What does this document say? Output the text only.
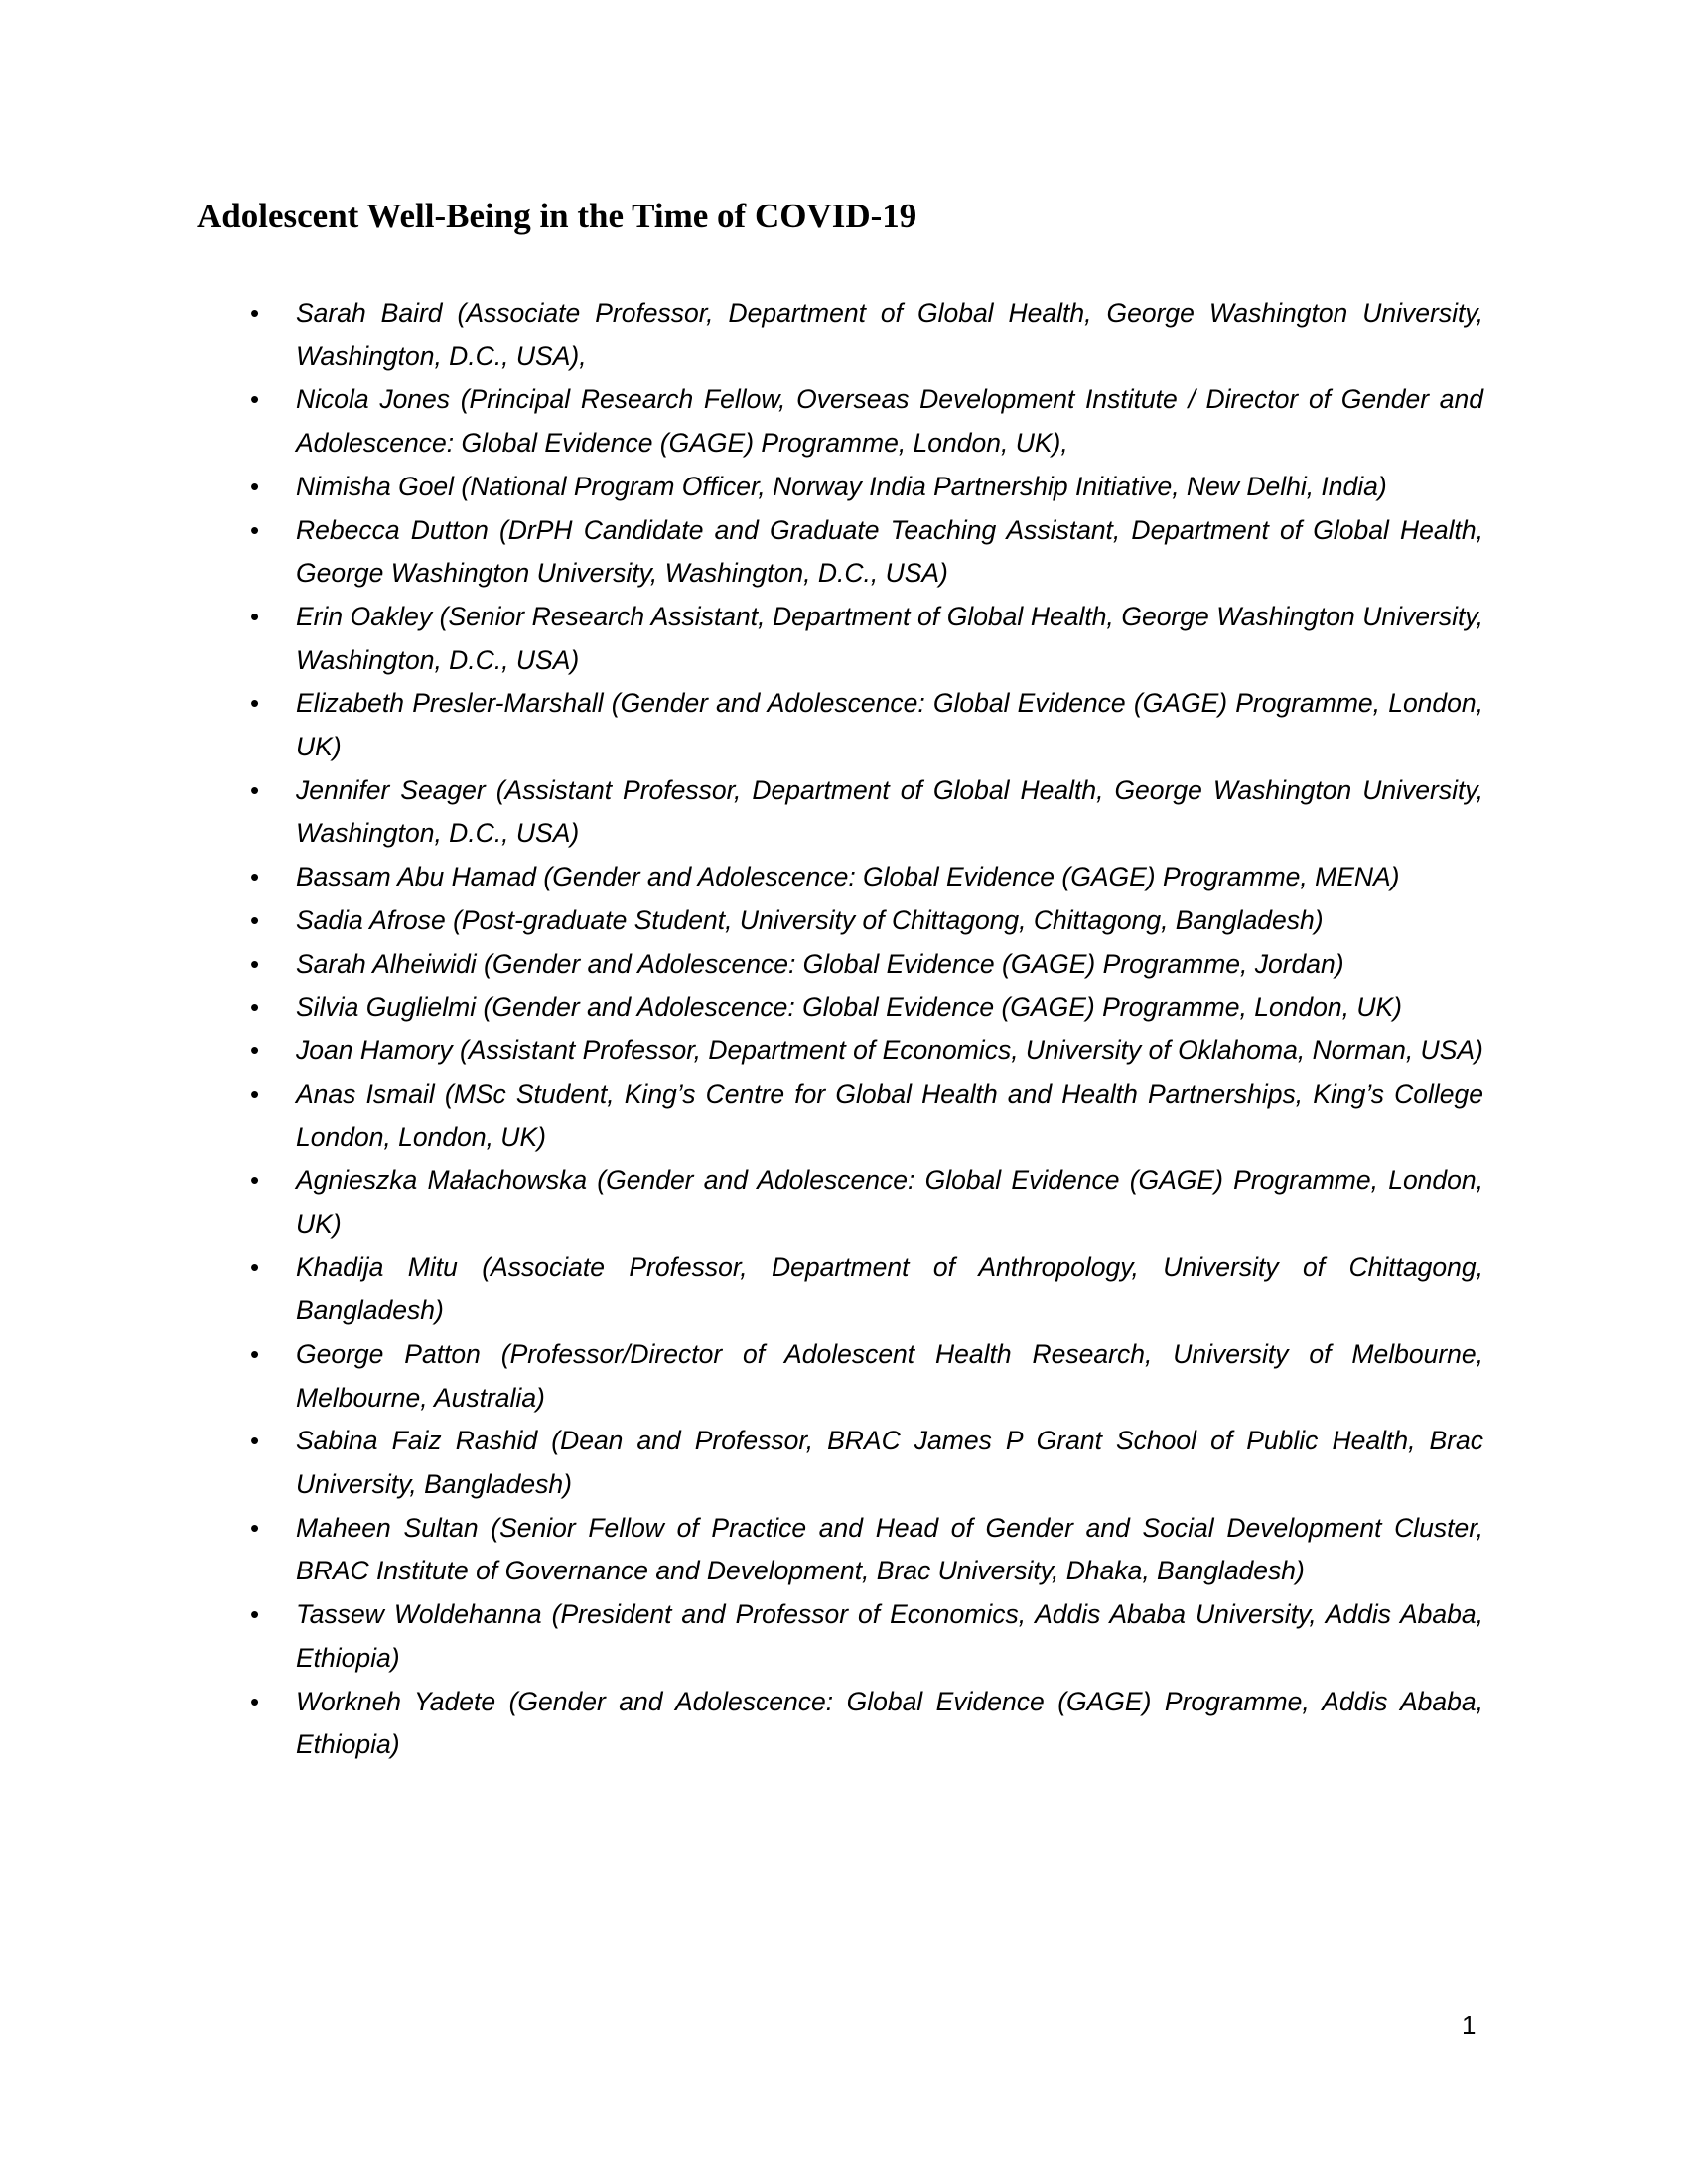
Adolescent Well-Being in the Time of COVID-19
• Sarah Baird (Associate Professor, Department of Global Health, George Washington University, Washington, D.C., USA),
• Nicola Jones (Principal Research Fellow, Overseas Development Institute / Director of Gender and Adolescence: Global Evidence (GAGE) Programme, London, UK),
• Nimisha Goel (National Program Officer, Norway India Partnership Initiative, New Delhi, India)
• Rebecca Dutton (DrPH Candidate and Graduate Teaching Assistant, Department of Global Health, George Washington University, Washington, D.C., USA)
• Erin Oakley (Senior Research Assistant, Department of Global Health, George Washington University, Washington, D.C., USA)
• Elizabeth Presler-Marshall (Gender and Adolescence: Global Evidence (GAGE) Programme, London, UK)
• Jennifer Seager (Assistant Professor, Department of Global Health, George Washington University, Washington, D.C., USA)
• Bassam Abu Hamad (Gender and Adolescence: Global Evidence (GAGE) Programme, MENA)
• Sadia Afrose (Post-graduate Student, University of Chittagong, Chittagong, Bangladesh)
• Sarah Alheiwidi (Gender and Adolescence: Global Evidence (GAGE) Programme, Jordan)
• Silvia Guglielmi (Gender and Adolescence: Global Evidence (GAGE) Programme, London, UK)
• Joan Hamory (Assistant Professor, Department of Economics, University of Oklahoma, Norman, USA)
• Anas Ismail (MSc Student, King’s Centre for Global Health and Health Partnerships, King’s College London, London, UK)
• Agnieszka Małachowska (Gender and Adolescence: Global Evidence (GAGE) Programme, London, UK)
• Khadija Mitu (Associate Professor, Department of Anthropology, University of Chittagong, Bangladesh)
• George Patton (Professor/Director of Adolescent Health Research, University of Melbourne, Melbourne, Australia)
• Sabina Faiz Rashid (Dean and Professor, BRAC James P Grant School of Public Health, Brac University, Bangladesh)
• Maheen Sultan (Senior Fellow of Practice and Head of Gender and Social Development Cluster, BRAC Institute of Governance and Development, Brac University, Dhaka, Bangladesh)
• Tassew Woldehanna (President and Professor of Economics, Addis Ababa University, Addis Ababa, Ethiopia)
• Workneh Yadete (Gender and Adolescence: Global Evidence (GAGE) Programme, Addis Ababa, Ethiopia)
1
